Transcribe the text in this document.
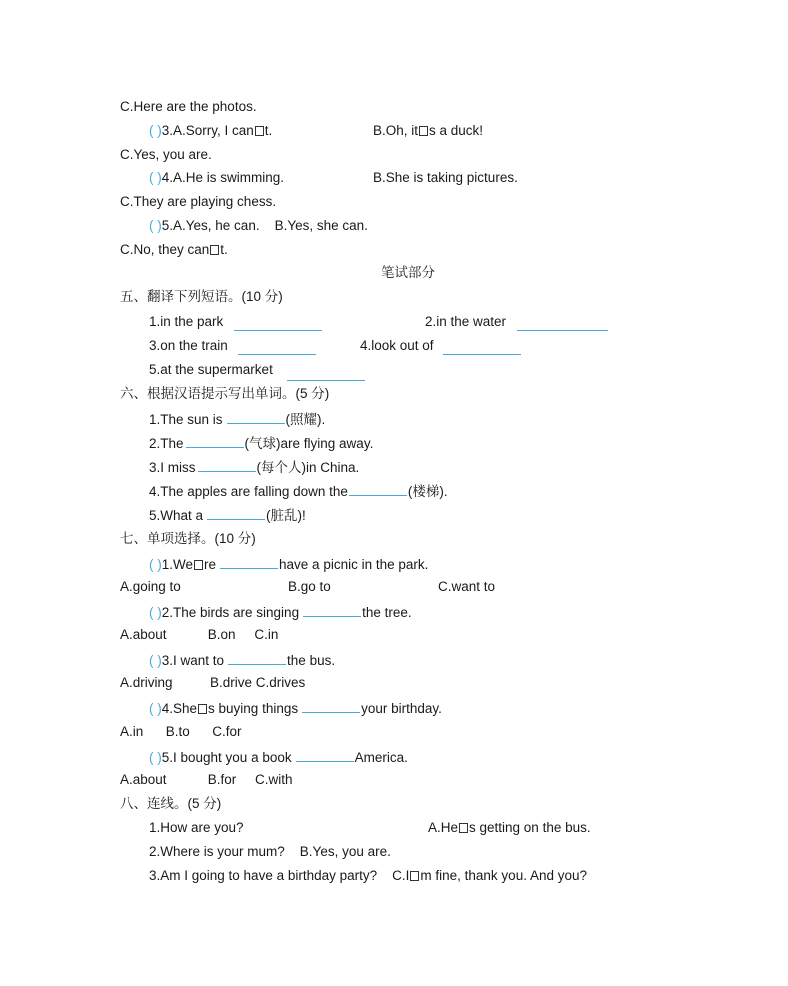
C.Here are the photos.
( )3.A.Sorry, I can t.	B.Oh, it s a duck!
C.Yes, you are.
( )4.A.He is swimming.	B.She is taking pictures.
C.They are playing chess.
( )5.A.Yes, he can.    B.Yes, she can.
C.No, they can t.
笔试部分
五、翻译下列短语。(10 分)
1.in the park	2.in the water
3.on the train	4.look out of
5.at the supermarket
六、根据汉语提示写出单词。(5 分)
1.The sun is	(照耀).
2.The	(气球)are flying away.
3.I miss	(每个人)in China.
4.The apples are falling down the	(楼梯).
5.What a	(脏乱)!
七、单项选择。(10 分)
( )1.We re	have a picnic in the park.
A.going to	B.go to	C.want to
( )2.The birds are singing	the tree.
A.about           B.on     C.in
( )3.I want to	the bus.
A.driving          B.drive C.drives
( )4.She s buying things	your birthday.
A.in      B.to      C.for
( )5.I bought you a book	America.
A.about           B.for     C.with
八、连线。(5 分)
1.How are you?	A.He s getting on the bus.
2.Where is your mum?    B.Yes, you are.
3.Am I going to have a birthday party?    C.I m fine, thank you. And you?
